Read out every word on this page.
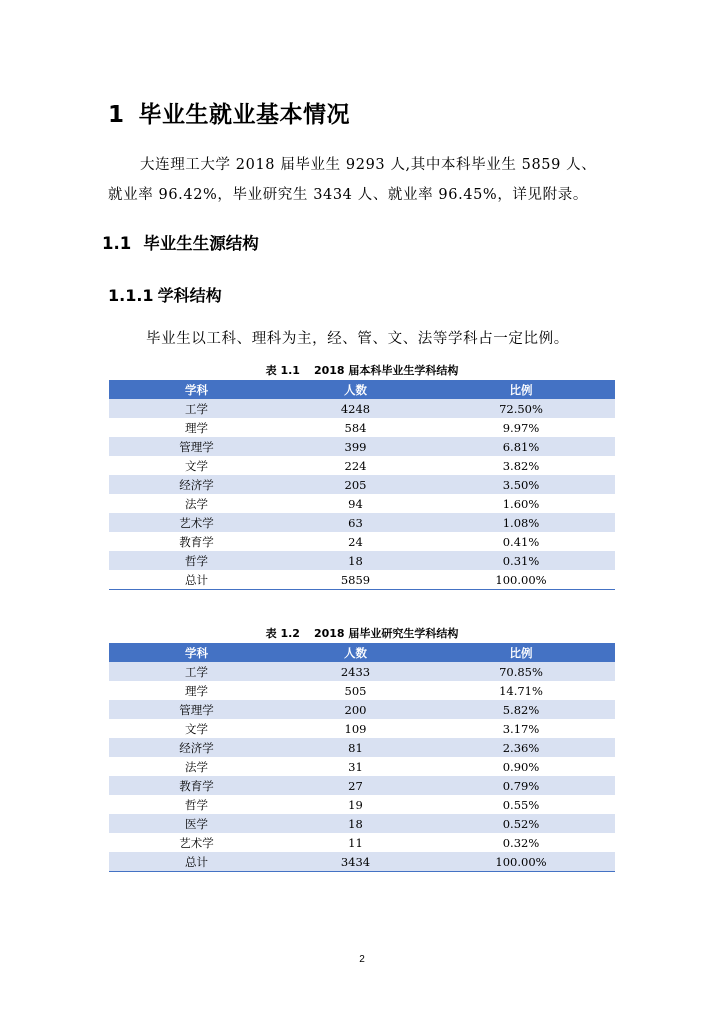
1 毕业生就业基本情况
大连理工大学 2018 届毕业生 9293 人,其中本科毕业生 5859 人、
就业率 96.42%，毕业研究生 3434 人、就业率 96.45%，详见附录。
1.1 毕业生生源结构
1.1.1 学科结构
毕业生以工科、理科为主，经、管、文、法等学科占一定比例。
表 1.1 2018 届本科毕业生学科结构
学科	人数	比例
工学	4248	72.50%
理学	584	9.97%
管理学	399	6.81%
文学	224	3.82%
经济学	205	3.50%
法学	94	1.60%
艺术学	63	1.08%
教育学	24	0.41%
哲学	18	0.31%
总计	5859	100.00%
表 1.2 2018 届毕业研究生学科结构
学科	人数	比例
工学	2433	70.85%
理学	505	14.71%
管理学	200	5.82%
文学	109	3.17%
经济学	81	2.36%
法学	31	0.90%
教育学	27	0.79%
哲学	19	0.55%
医学	18	0.52%
艺术学	11	0.32%
总计	3434	100.00%
2
